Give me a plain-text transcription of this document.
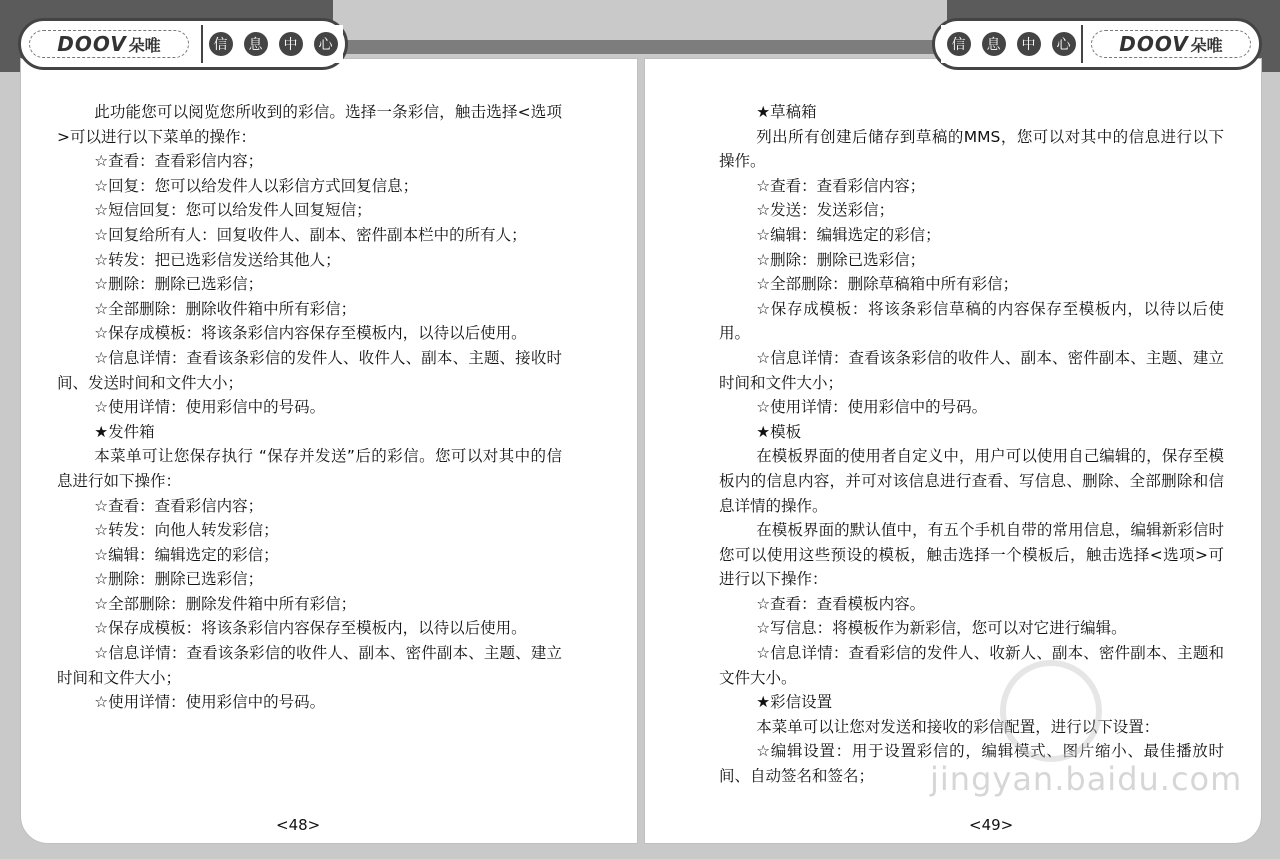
DOOV 朵唯	信	息	中	心	信	息	中	心 DOOV 朵唯

此功能您可以阅览您所收到的彩信。选择一条彩信，触击选择<选项>可以进行以下菜单的操作：

☆查看：查看彩信内容；

☆回复：您可以给发件人以彩信方式回复信息；

☆短信回复：您可以给发件人回复短信；

☆回复给所有人：回复收件人、副本、密件副本栏中的所有人；

☆转发：把已选彩信发送给其他人；

☆删除：删除已选彩信；

☆全部删除：删除收件箱中所有彩信；

☆保存成模板：将该条彩信内容保存至模板内，以待以后使用。

☆信息详情：查看该条彩信的发件人、收件人、副本、主题、接收时间、发送时间和文件大小；

☆使用详情：使用彩信中的号码。

★发件箱

本菜单可让您保存执行 “保存并发送”后的彩信。您可以对其中的信息进行如下操作：

☆查看：查看彩信内容；

☆转发：向他人转发彩信；

☆编辑：编辑选定的彩信；

☆删除：删除已选彩信；

☆全部删除：删除发件箱中所有彩信；

☆保存成模板：将该条彩信内容保存至模板内，以待以后使用。

☆信息详情：查看该条彩信的收件人、副本、密件副本、主题、建立时间和文件大小；

☆使用详情：使用彩信中的号码。

★草稿箱

列出所有创建后储存到草稿的MMS，您可以对其中的信息进行以下操作。

☆查看：查看彩信内容；

☆发送：发送彩信；

☆编辑：编辑选定的彩信；

☆删除：删除已选彩信；

☆全部删除：删除草稿箱中所有彩信；

☆保存成模板：将该条彩信草稿的内容保存至模板内，以待以后使用。

☆信息详情：查看该条彩信的收件人、副本、密件副本、主题、建立时间和文件大小；

☆使用详情：使用彩信中的号码。

★模板

在模板界面的使用者自定义中，用户可以使用自己编辑的，保存至模板内的信息内容，并可对该信息进行查看、写信息、删除、全部删除和信息详情的操作。

在模板界面的默认值中，有五个手机自带的常用信息，编辑新彩信时您可以使用这些预设的模板，触击选择一个模板后，触击选择<选项>可进行以下操作：

☆查看：查看模板内容。

☆写信息：将模板作为新彩信，您可以对它进行编辑。

☆信息详情：查看彩信的发件人、收新人、副本、密件副本、主题和文件大小。

★彩信设置

本菜单可以让您对发送和接收的彩信配置，进行以下设置：

☆编辑设置：用于设置彩信的，编辑模式、图片缩小、最佳播放时间、自动签名和签名；

<48>	<49>
jingyan.baidu.com
